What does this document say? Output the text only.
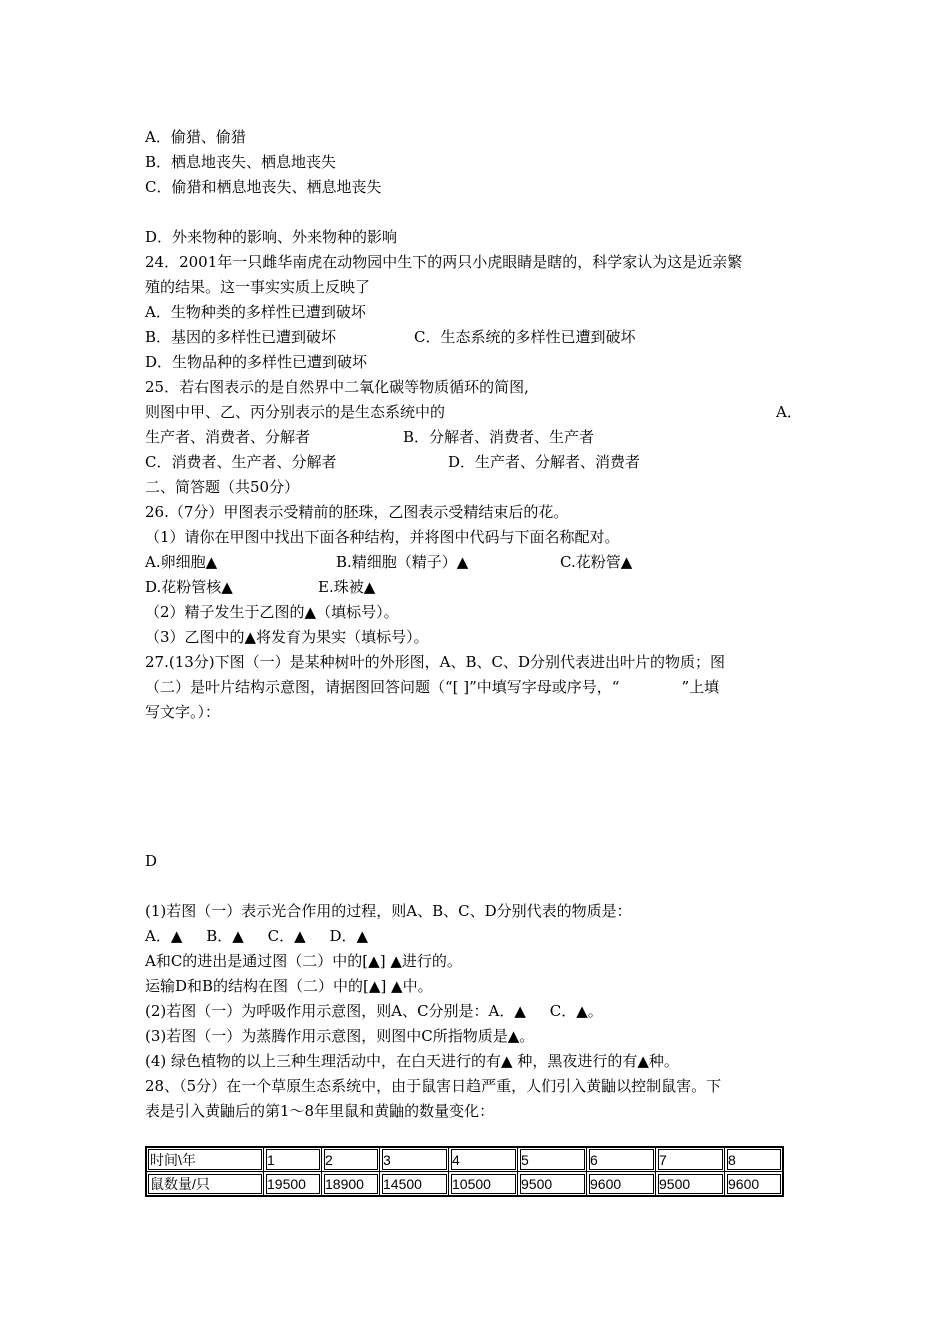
A．偷猎、偷猎
B．栖息地丧失、栖息地丧失
C．偷猎和栖息地丧失、栖息地丧失
D．外来物种的影响、外来物种的影响
24．2001年一只雌华南虎在动物园中生下的两只小虎眼睛是瞎的，科学家认为这是近亲繁
殖的结果。这一事实实质上反映了
A．生物种类的多样性已遭到破坏
B．基因的多样性已遭到破坏	C．生态系统的多样性已遭到破坏
D．生物品种的多样性已遭到破坏
25．若右图表示的是自然界中二氧化碳等物质循环的简图,
则图中甲、乙、丙分别表示的是生态系统中的	A．
生产者、消费者、分解者	B．分解者、消费者、生产者
C．消费者、生产者、分解者	D．生产者、分解者、消费者
二、简答题（共50分）
26.（7分）甲图表示受精前的胚珠，乙图表示受精结束后的花。
（1）请你在甲图中找出下面各种结构，并将图中代码与下面名称配对。
A.卵细胞▲	B.精细胞（精子）▲	C.花粉管▲
D.花粉管核▲	E.珠被▲
（2）精子发生于乙图的▲（填标号）。
（3）乙图中的▲将发育为果实（填标号）。
27.(13分)下图（一）是某种树叶的外形图，A、B、C、D分别代表进出叶片的物质；图
（二）是叶片结构示意图，请据图回答问题（“[ ]”中填写字母或序号，“             ”上填
写文字。）：
D
(1)若图（一）表示光合作用的过程，则A、B、C、D分别代表的物质是：
A．▲     B．▲     C．▲     D．▲
A和C的进出是通过图（二）中的[▲] ▲进行的。
运输D和B的结构在图（二）中的[▲] ▲中。
(2)若图（一）为呼吸作用示意图，则A、C分别是：A．▲     C．▲。
(3)若图（一）为蒸腾作用示意图，则图中C所指物质是▲。
(4) 绿色植物的以上三种生理活动中，在白天进行的有▲ 种，黑夜进行的有▲种。
28、（5分）在一个草原生态系统中，由于鼠害日趋严重，人们引入黄鼬以控制鼠害。下
表是引入黄鼬后的第1～8年里鼠和黄鼬的数量变化：
时间\年	1	2	3	4	5	6	7	8
鼠数量/只	19500	18900	14500	10500	9500	9600	9500	9600
